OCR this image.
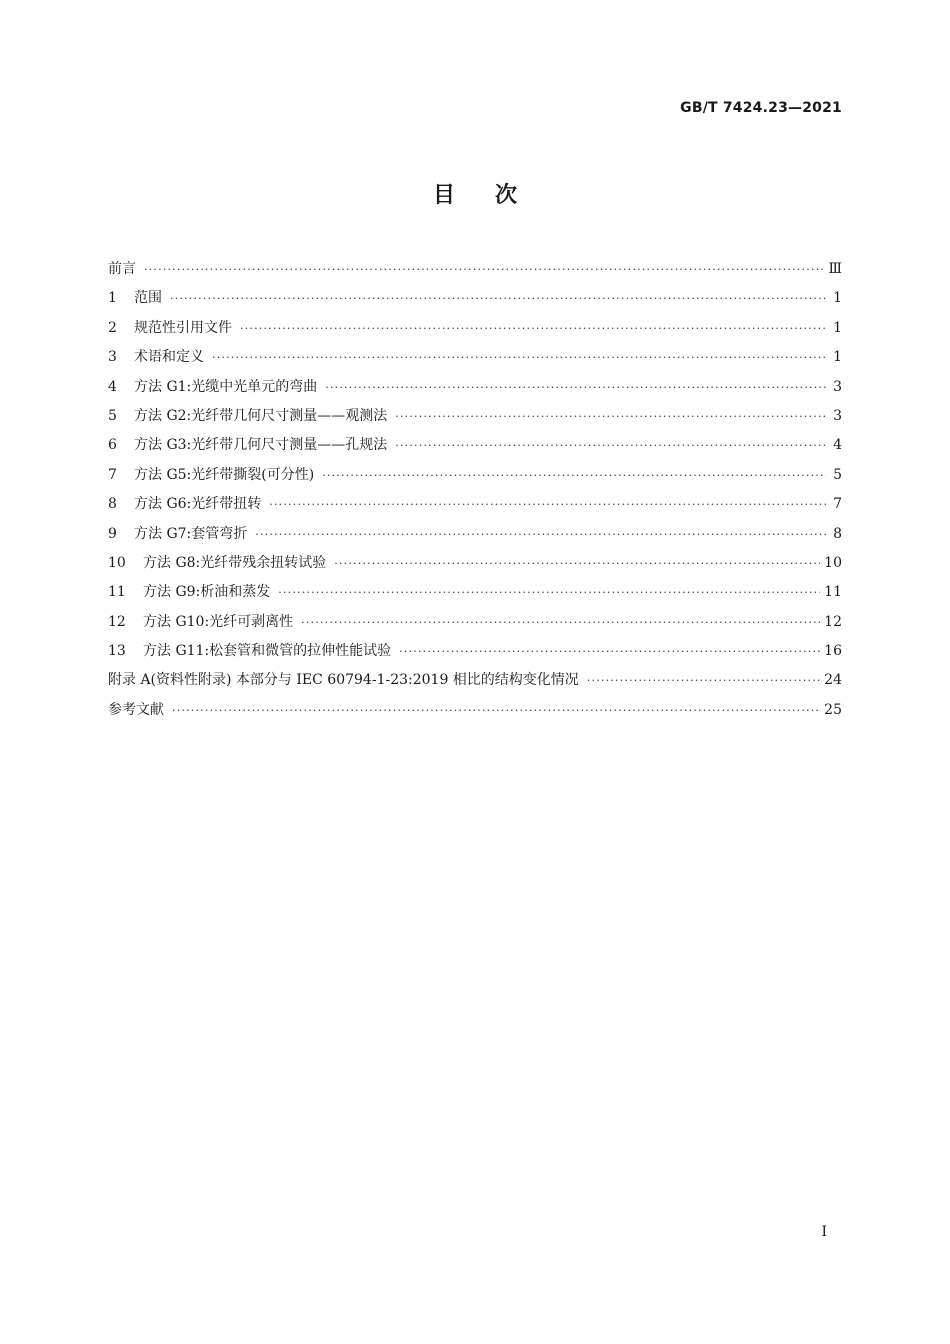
GB/T 7424.23—2021
目次
前言 ·····	Ⅲ
1	范围 ·····	1
2	规范性引用文件 ·····	1
3	术语和定义 ·····	1
4	方法 G1:光缆中光单元的弯曲 ·····	3
5	方法 G2:光纤带几何尺寸测量——观测法 ·····	3
6	方法 G3:光纤带几何尺寸测量——孔规法 ·····	4
7	方法 G5:光纤带撕裂(可分性) ·····	5
8	方法 G6:光纤带扭转 ·····	7
9	方法 G7:套管弯折 ·····	8
10	方法 G8:光纤带残余扭转试验 ·····	10
11	方法 G9:析油和蒸发 ·····	11
12	方法 G10:光纤可剥离性 ·····	12
13	方法 G11:松套管和微管的拉伸性能试验 ·····	16
附录 A(资料性附录) 本部分与 IEC 60794-1-23:2019 相比的结构变化情况 ·····	24
参考文献 ·····	25
I
